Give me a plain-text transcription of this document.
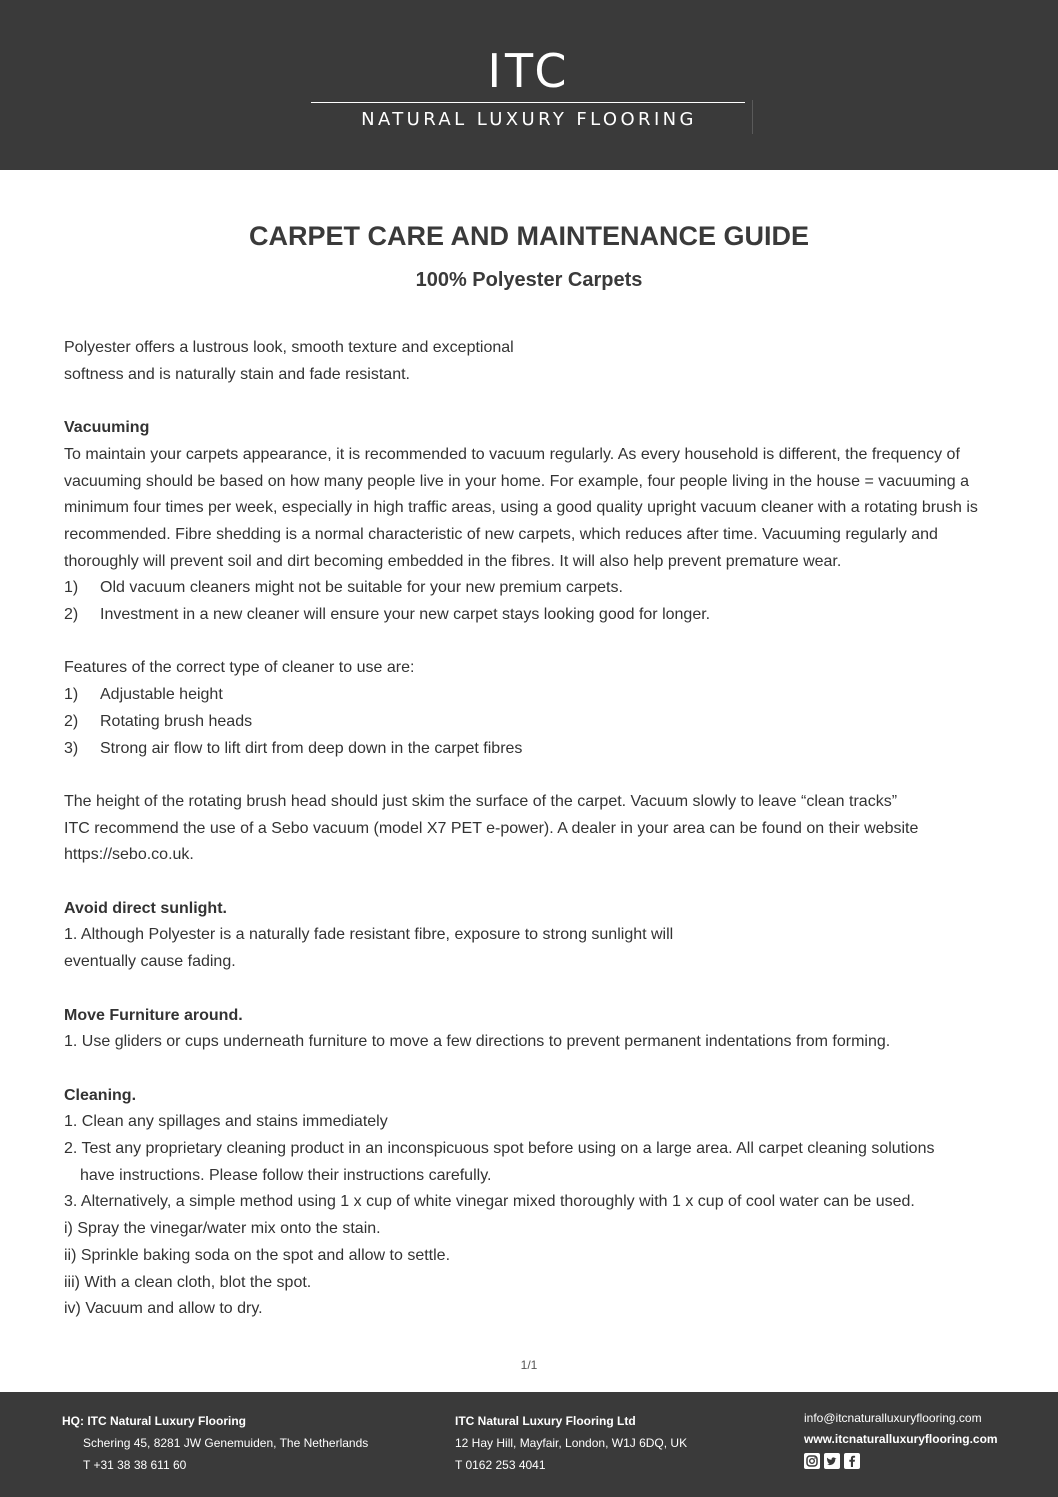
ITC
NATURAL LUXURY FLOORING
CARPET CARE AND MAINTENANCE GUIDE
100% Polyester Carpets

Polyester offers a lustrous look, smooth texture and exceptional

softness and is naturally stain and fade resistant.

Vacuuming

To maintain your carpets appearance, it is recommended to vacuum regularly. As every household is different, the frequency of vacuuming should be based on how many people live in your home. For example, four people living in the house = vacuuming a minimum four times per week, especially in high traffic areas, using a good quality upright vacuum cleaner with a rotating brush is recommended. Fibre shedding is a normal characteristic of new carpets, which reduces after time. Vacuuming regularly and thoroughly will prevent soil and dirt becoming embedded in the fibres. It will also help prevent premature wear.

1)	Old vacuum cleaners might not be suitable for your new premium carpets.
2)	Investment in a new cleaner will ensure your new carpet stays looking good for longer.

Features of the correct type of cleaner to use are:

1)	Adjustable height
2)	Rotating brush heads
3)	Strong air flow to lift dirt from deep down in the carpet fibres

The height of the rotating brush head should just skim the surface of the carpet. Vacuum slowly to leave “clean tracks”

ITC recommend the use of a Sebo vacuum (model X7 PET e-power). A dealer in your area can be found on their website https://sebo.co.uk.

Avoid direct sunlight.

1. Although Polyester is a naturally fade resistant fibre, exposure to strong sunlight will

eventually cause fading.

Move Furniture around.

1. Use gliders or cups underneath furniture to move a few directions to prevent permanent indentations from forming.

Cleaning.

1. Clean any spillages and stains immediately

2. Test any proprietary cleaning product in an inconspicuous spot before using on a large area. All carpet cleaning solutions

have instructions. Please follow their instructions carefully.

3. Alternatively, a simple method using 1 x cup of white vinegar mixed thoroughly with 1 x cup of cool water can be used.

i) Spray the vinegar/water mix onto the stain.

ii) Sprinkle baking soda on the spot and allow to settle.

iii) With a clean cloth, blot the spot.

iv) Vacuum and allow to dry.

1/1
HQ: ITC Natural Luxury Flooring
Schering 45, 8281 JW Genemuiden, The Netherlands
T +31 38 38 611 60
ITC Natural Luxury Flooring Ltd
12 Hay Hill, Mayfair, London, W1J 6DQ, UK
T 0162 253 4041
info@itcnaturalluxuryflooring.com
www.itcnaturalluxuryflooring.com
